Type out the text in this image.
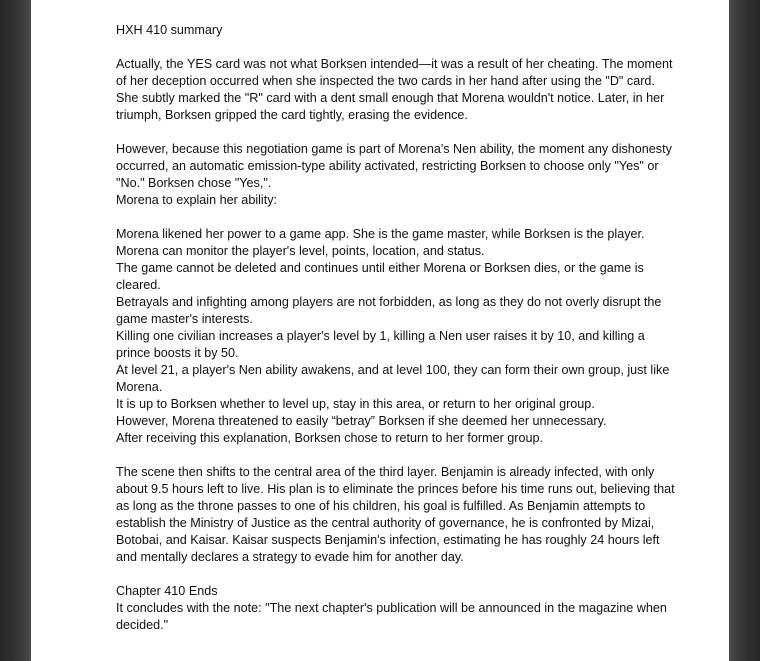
HXH 410 summary

Actually, the YES card was not what Borksen intended—it was a result of her cheating. The moment of her deception occurred when she inspected the two cards in her hand after using the "D" card. She subtly marked the "R" card with a dent small enough that Morena wouldn't notice. Later, in her triumph, Borksen gripped the card tightly, erasing the evidence.

However, because this negotiation game is part of Morena's Nen ability, the moment any dishonesty occurred, an automatic emission-type ability activated, restricting Borksen to choose only "Yes" or "No." Borksen chose "Yes,".

Morena to explain her ability:

Morena likened her power to a game app. She is the game master, while Borksen is the player. Morena can monitor the player's level, points, location, and status.

The game cannot be deleted and continues until either Morena or Borksen dies, or the game is cleared.

Betrayals and infighting among players are not forbidden, as long as they do not overly disrupt the game master's interests.

Killing one civilian increases a player's level by 1, killing a Nen user raises it by 10, and killing a prince boosts it by 50.

At level 21, a player's Nen ability awakens, and at level 100, they can form their own group, just like Morena.

It is up to Borksen whether to level up, stay in this area, or return to her original group.

However, Morena threatened to easily “betray” Borksen if she deemed her unnecessary.

After receiving this explanation, Borksen chose to return to her former group.

The scene then shifts to the central area of the third layer. Benjamin is already infected, with only about 9.5 hours left to live. His plan is to eliminate the princes before his time runs out, believing that as long as the throne passes to one of his children, his goal is fulfilled. As Benjamin attempts to establish the Ministry of Justice as the central authority of governance, he is confronted by Mizai, Botobai, and Kaisar. Kaisar suspects Benjamin's infection, estimating he has roughly 24 hours left and mentally declares a strategy to evade him for another day.

Chapter 410 Ends

It concludes with the note: "The next chapter's publication will be announced in the magazine when decided."
